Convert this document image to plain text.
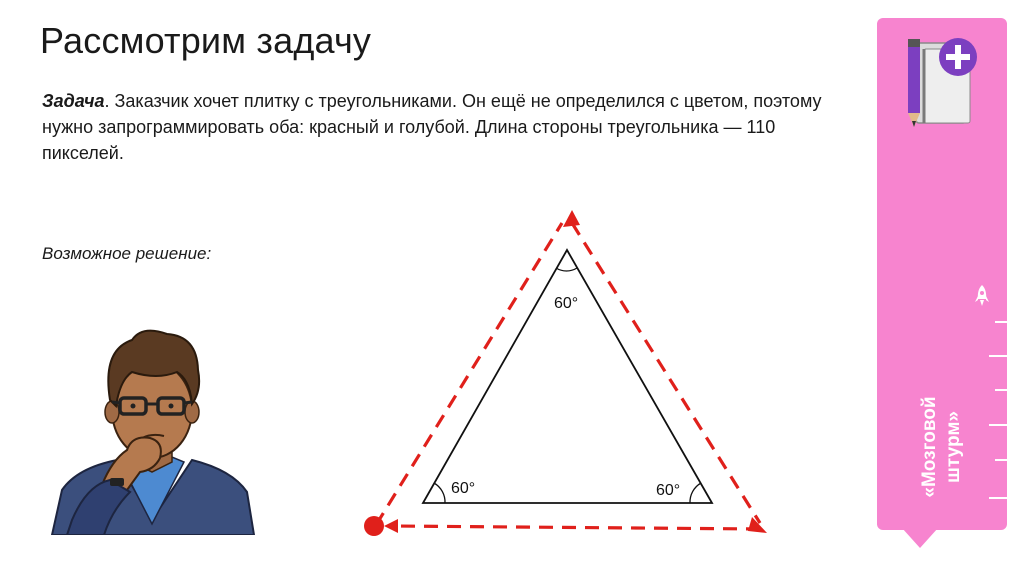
Рассмотрим задачу
Задача. Заказчик хочет плитку с треугольниками. Он ещё не определился с цветом, поэтому нужно запрограммировать оба: красный и голубой. Длина стороны треугольника — 110 пикселей.
Возможное решение:
60°
60°	60°	«Мозговой штурм»
